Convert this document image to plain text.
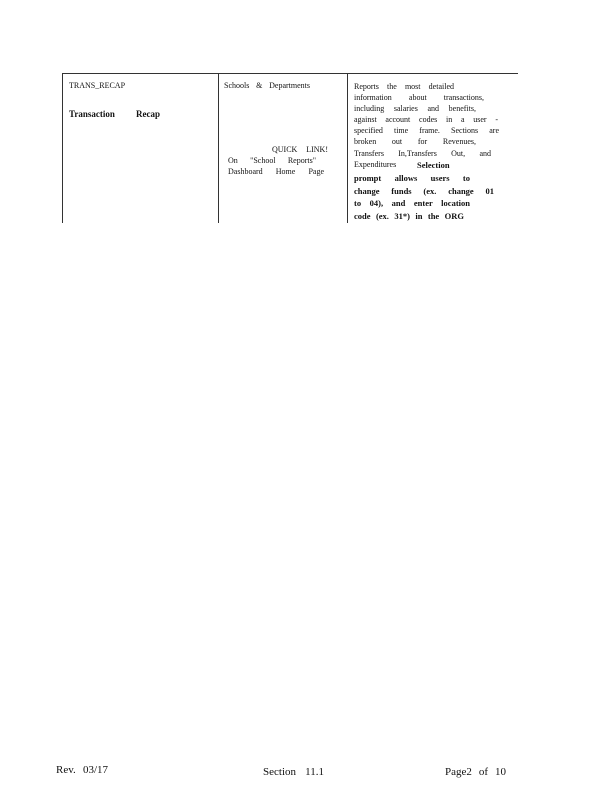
TRANS_RECAP
Transaction Recap
Schools & Departments
QUICK LINK!
On "School Reports"
Dashboard Home Page
Reports the most detailed
information about transactions,
including salaries and benefits,
against account codes in a user -
specified time frame. Sections are
broken out for Revenues,
Transfers In,Transfers Out, and
Expenditures Selection
prompt allows users to
change funds (ex. change 01
to 04), and enter location
code (ex. 31*) in the ORG
Rev. 03/17	Section 11.1	Page2 of 10
